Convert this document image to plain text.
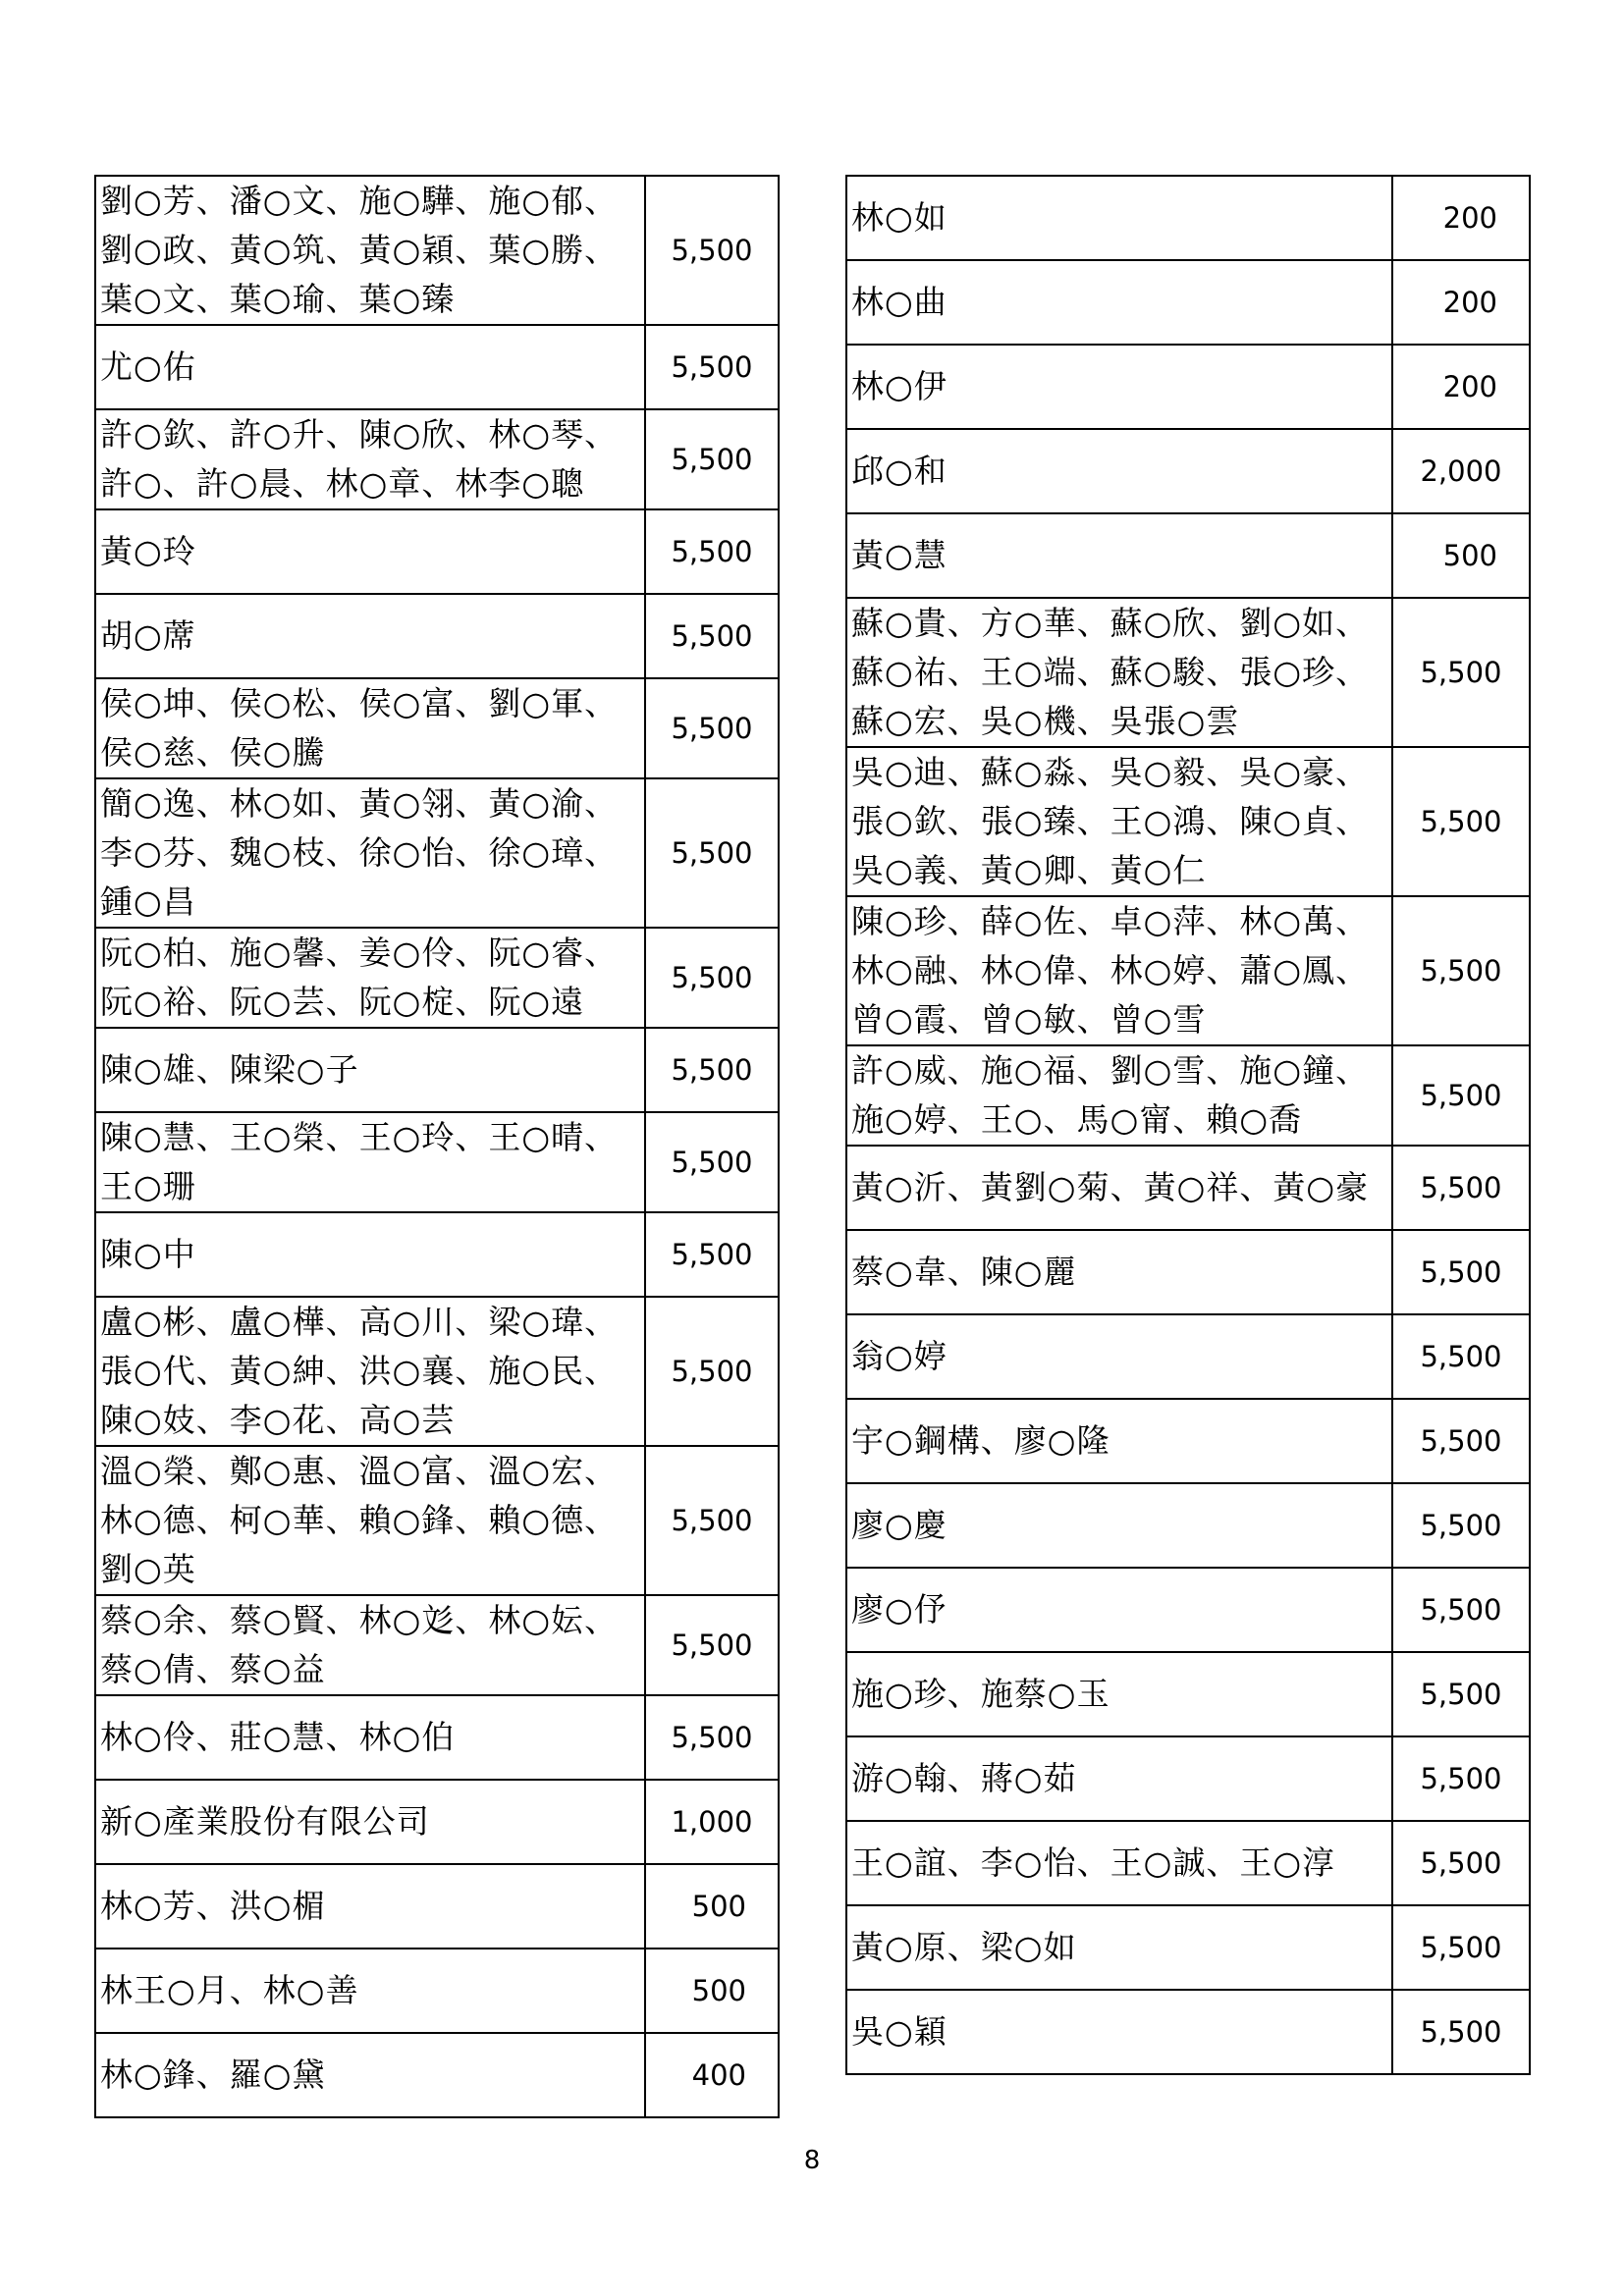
劉○芳、潘○文、施○驊、施○郁、劉○政、黃○筑、黃○穎、葉○勝、葉○文、葉○瑜、葉○臻	5,500
尤○佑	5,500
許○欽、許○升、陳○欣、林○琴、許○、許○晨、林○章、林李○聰	5,500
黃○玲	5,500
胡○蓆	5,500
侯○坤、侯○松、侯○富、劉○軍、侯○慈、侯○騰	5,500
簡○逸、林○如、黃○翎、黃○渝、李○芬、魏○枝、徐○怡、徐○璋、鍾○昌	5,500
阮○柏、施○馨、姜○伶、阮○睿、阮○裕、阮○芸、阮○椗、阮○遠	5,500
陳○雄、陳梁○子	5,500
陳○慧、王○榮、王○玲、王○晴、王○珊	5,500
陳○中	5,500
盧○彬、盧○樺、高○川、梁○瑋、張○代、黃○紳、洪○襄、施○民、陳○妓、李○花、高○芸	5,500
溫○榮、鄭○惠、溫○富、溫○宏、林○德、柯○華、賴○鋒、賴○德、劉○英	5,500
蔡○余、蔡○賢、林○彣、林○妘、蔡○倩、蔡○益	5,500
林○伶、莊○慧、林○伯	5,500
新○產業股份有限公司	1,000
林○芳、洪○楣	500
林王○月、林○善	500
林○鋒、羅○黛	400
林○如	200
林○曲	200
林○伊	200
邱○和	2,000
黃○慧	500
蘇○貴、方○華、蘇○欣、劉○如、蘇○祐、王○端、蘇○駿、張○珍、蘇○宏、吳○機、吳張○雲	5,500
吳○迪、蘇○淼、吳○毅、吳○豪、張○欽、張○臻、王○鴻、陳○貞、吳○義、黃○卿、黃○仁	5,500
陳○珍、薛○佐、卓○萍、林○萬、林○融、林○偉、林○婷、蕭○鳳、曾○霞、曾○敏、曾○雪	5,500
許○威、施○福、劉○雪、施○鐘、施○婷、王○、馬○甯、賴○喬	5,500
黃○沂、黃劉○菊、黃○祥、黃○豪	5,500
蔡○韋、陳○麗	5,500
翁○婷	5,500
宇○鋼構、廖○隆	5,500
廖○慶	5,500
廖○伃	5,500
施○珍、施蔡○玉	5,500
游○翰、蔣○茹	5,500
王○誼、李○怡、王○誠、王○淳	5,500
黃○原、梁○如	5,500
吳○穎	5,500
8
